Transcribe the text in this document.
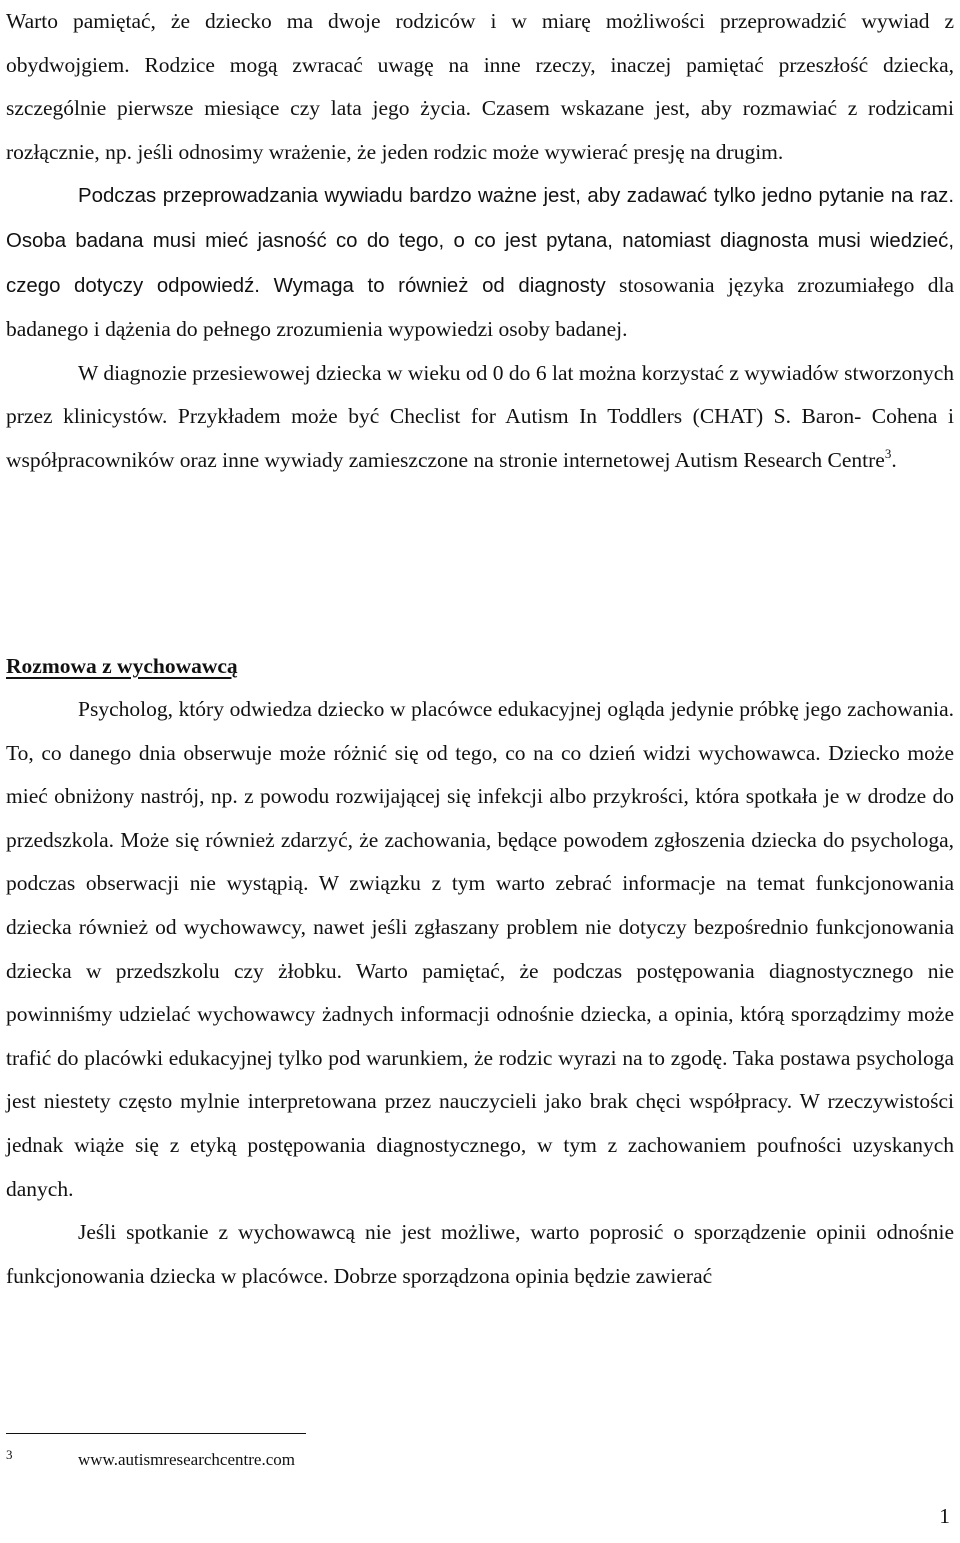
Warto pamiętać, że dziecko ma dwoje rodziców i w miarę możliwości przeprowadzić wywiad z obydwojgiem. Rodzice mogą zwracać uwagę na inne rzeczy, inaczej pamiętać przeszłość dziecka, szczególnie pierwsze miesiące czy lata jego życia. Czasem wskazane jest, aby rozmawiać z rodzicami rozłącznie, np. jeśli odnosimy wrażenie, że jeden rodzic może wywierać presję na drugim.

Podczas przeprowadzania wywiadu bardzo ważne jest, aby zadawać tylko jedno pytanie na raz. Osoba badana musi mieć jasność co do tego, o co jest pytana, natomiast diagnosta musi wiedzieć, czego dotyczy odpowiedź. Wymaga to również od diagnosty stosowania języka zrozumiałego dla badanego i dążenia do pełnego zrozumienia wypowiedzi osoby badanej.

W diagnozie przesiewowej dziecka w wieku od 0 do 6 lat można korzystać z wywiadów stworzonych przez klinicystów. Przykładem może być Checlist for Autism In Toddlers (CHAT) S. Baron- Cohena i współpracowników oraz inne wywiady zamieszczone na stronie internetowej Autism Research Centre$^3$.

Rozmowa z wychowawcą

Psycholog, który odwiedza dziecko w placówce edukacyjnej ogląda jedynie próbkę jego zachowania. To, co danego dnia obserwuje może różnić się od tego, co na co dzień widzi wychowawca. Dziecko może mieć obniżony nastrój, np. z powodu rozwijającej się infekcji albo przykrości, która spotkała je w drodze do przedszkola. Może się również zdarzyć, że zachowania, będące powodem zgłoszenia dziecka do psychologa, podczas obserwacji nie wystąpią. W związku z tym warto zebrać informacje na temat funkcjonowania dziecka również od wychowawcy, nawet jeśli zgłaszany problem nie dotyczy bezpośrednio funkcjonowania dziecka w przedszkolu czy żłobku. Warto pamiętać, że podczas postępowania diagnostycznego nie powinniśmy udzielać wychowawcy żadnych informacji odnośnie dziecka, a opinia, którą sporządzimy może trafić do placówki edukacyjnej tylko pod warunkiem, że rodzic wyrazi na to zgodę. Taka postawa psychologa jest niestety często mylnie interpretowana przez nauczycieli jako brak chęci współpracy. W rzeczywistości jednak wiąże się z etyką postępowania diagnostycznego, w tym z zachowaniem poufności uzyskanych danych.

Jeśli spotkanie z wychowawcą nie jest możliwe, warto poprosić o sporządzenie opinii odnośnie funkcjonowania dziecka w placówce. Dobrze sporządzona opinia będzie zawierać

3	www.autismresearchcentre.com
1
